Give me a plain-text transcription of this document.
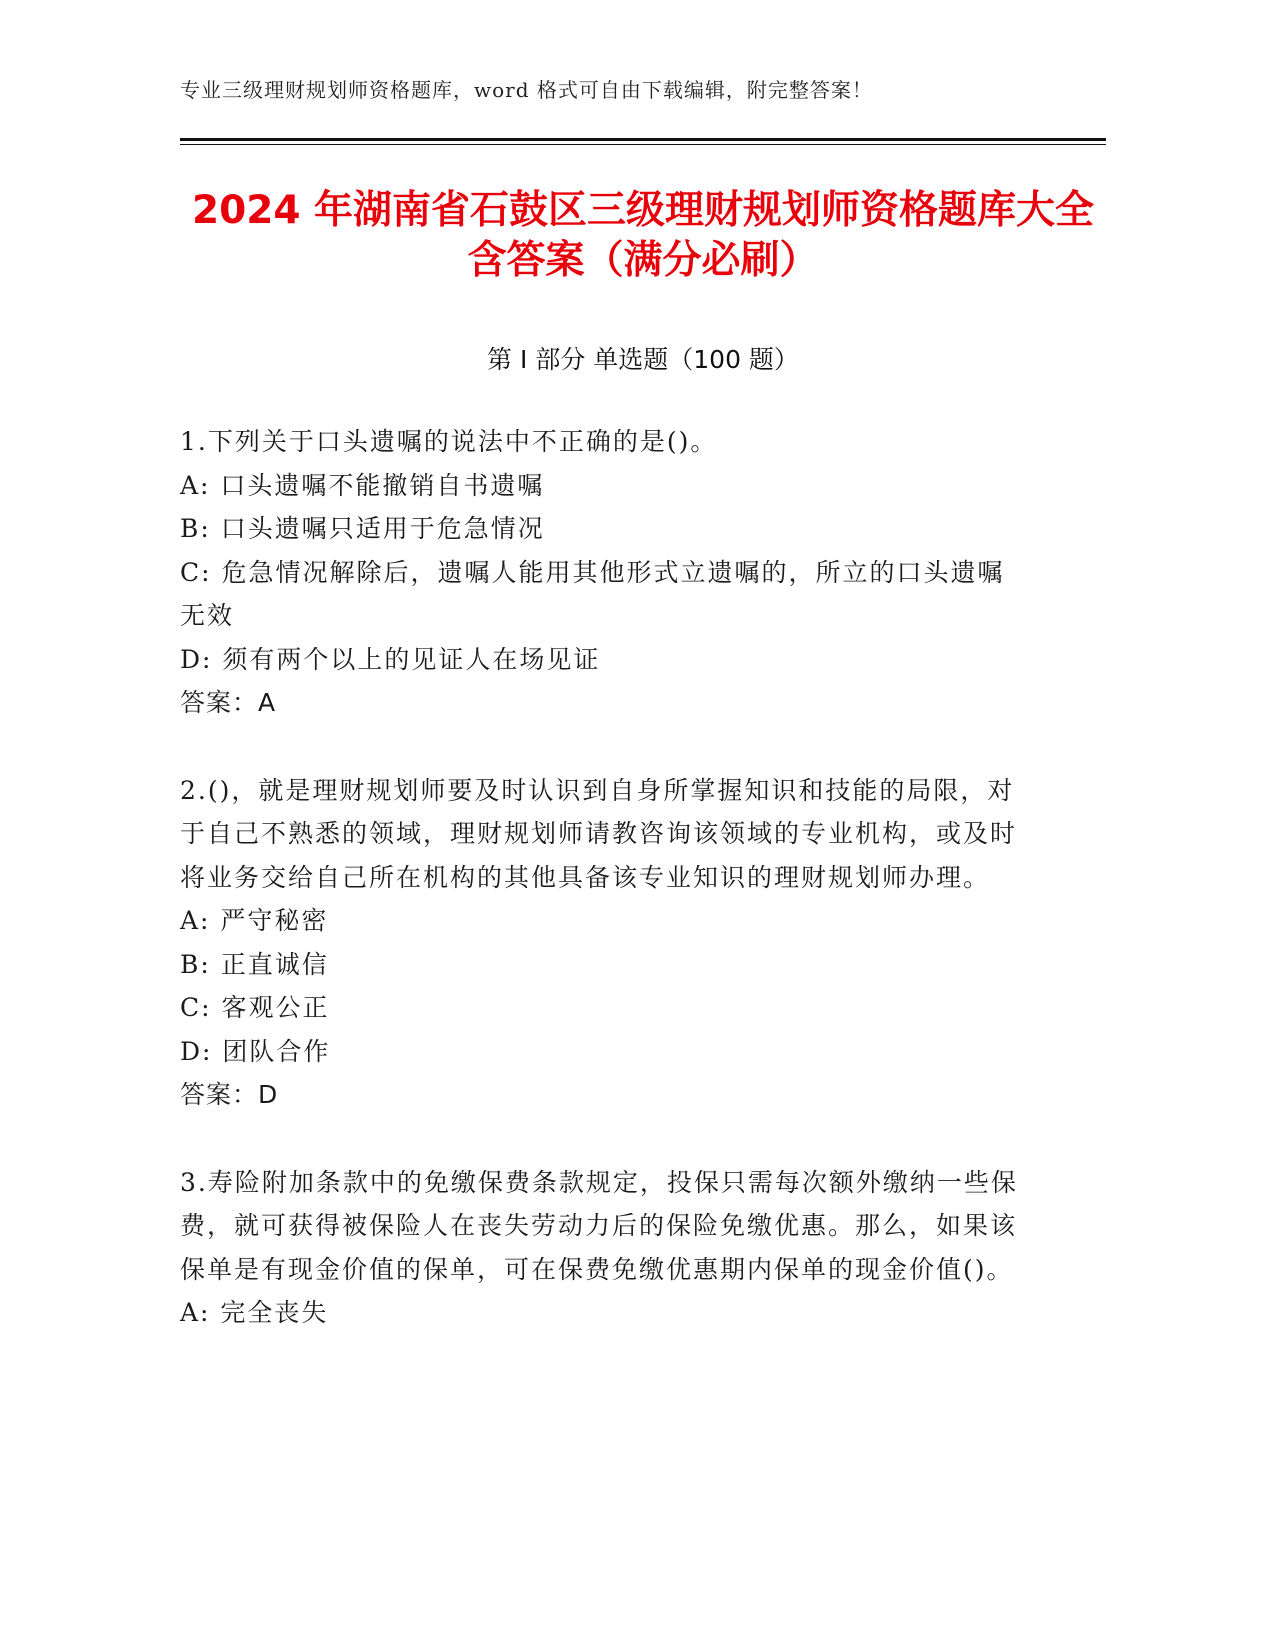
专业三级理财规划师资格题库，word 格式可自由下载编辑，附完整答案！
2024 年湖南省石鼓区三级理财规划师资格题库大全含答案（满分必刷）
第 I 部分 单选题（100 题）

1.下列关于口头遗嘱的说法中不正确的是()。

A: 口头遗嘱不能撤销自书遗嘱

B: 口头遗嘱只适用于危急情况

C: 危急情况解除后，遗嘱人能用其他形式立遗嘱的，所立的口头遗嘱无效

D: 须有两个以上的见证人在场见证

答案：A

2.()，就是理财规划师要及时认识到自身所掌握知识和技能的局限，对于自己不熟悉的领域，理财规划师请教咨询该领域的专业机构，或及时将业务交给自己所在机构的其他具备该专业知识的理财规划师办理。

A: 严守秘密

B: 正直诚信

C: 客观公正

D: 团队合作

答案：D

3.寿险附加条款中的免缴保费条款规定，投保只需每次额外缴纳一些保费，就可获得被保险人在丧失劳动力后的保险免缴优惠。那么，如果该保单是有现金价值的保单，可在保费免缴优惠期内保单的现金价值()。

A: 完全丧失
